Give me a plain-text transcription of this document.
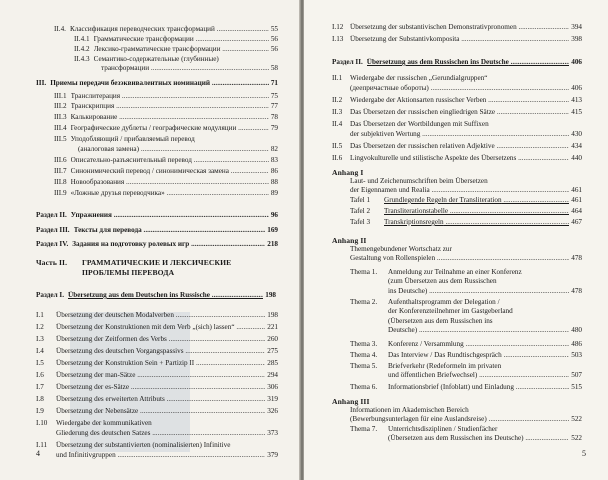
II.4. Классификация переводческих трансформаций .....	55
II.4.1 Грамматические трансформации .....	56
II.4.2 Лексико-грамматические трансформации .....	56
II.4.3 Семантико-содержательные (глубинные)
трансформации .....	58
III. Приемы передачи безэквивалентных номинаций .....	71
III.1 Транслитерация .....	75
III.2 Транскрипция .....	77
III.3 Калькирование .....	78
III.4 Географические дублеты / географические модуляции .....	79
III.5 Уподобляющий / прибавляемый перевод
(аналоговая замена) .....	82
III.6 Описательно-разъяснительный перевод .....	83
III.7 Синонимический перевод / синонимическая замена .....	86
III.8 Новообразования .....	88
III.9 «Ложные друзья переводчика» .....	89
Раздел II. Упражнения .....	96
Раздел III. Тексты для перевода .....	169
Раздел IV. Задания на подготовку ролевых игр .....	218
Часть II. ГРАММАТИЧЕСКИЕ И ЛЕКСИЧЕСКИЕ
ПРОБЛЕМЫ ПЕРЕВОДА
Раздел I. Übersetzung aus dem Deutschen ins Russische .....	198
I.1	Übersetzung der deutschen Modalverben .....	198
I.2	Übersetzung der Konstruktionen mit dem Verb „(sich) lassen“ .....	221
I.3	Übersetzung der Zeitformen des Verbs .....	260
I.4	Übersetzung des deutschen Vorgangspassivs .....	275
I.5	Übersetzung der Konstruktion Sein + Partizip II .....	285
I.6	Übersetzung der man-Sätze .....	294
I.7	Übersetzung der es-Sätze .....	306
I.8	Übersetzung des erweiterten Attributs .....	319
I.9	Übersetzung der Nebensätze .....	326
I.10	Wiedergabe der kommunikativen
Gliederung des deutschen Satzes .....	373
I.11	Übersetzung der substantivierten (nominalisierten) Infinitive
und Infinitivgruppen .....	379
4
I.12 Übersetzung der substantivischen Demonstrativpronomen .....	394
I.13 Übersetzung der Substantivkomposita .....	398
Раздел II. Übersetzung aus dem Russischen ins Deutsche .....	406
II.1	Wiedergabe der russischen „Gerundialgruppen“
(деепричастные обороты) .....	406
II.2	Wiedergabe der Aktionsarten russischer Verben .....	413
II.3	Das Übersetzen der russischen eingliedrigen Sätze .....	415
II.4	Das Übersetzen der Wortbildungen mit Suffixen
der subjektiven Wertung .....	430
II.5	Das Übersetzen der russischen relativen Adjektive .....	434
II.6	Lingvokulturelle und stilistische Aspekte des Übersetzens .....	440
Anhang I
Laut- und Zeichenumschriften beim Übersetzen
der Eigennamen und Realia .....	461
Tafel 1	Grundlegende Regeln der Transliteration .....	461
Tafel 2	Transliterationstabelle .....	464
Tafel 3	Transkriptionsregeln .....	467
Anhang II
Themengebundener Wortschatz zur
Gestaltung von Rollenspielen .....	478
Thema 1.	Anmeldung zur Teilnahme an einer Konferenz
(zum Übersetzen aus dem Russischen
ins Deutsche) .....	478
Thema 2.	Aufenthaltsprogramm der Delegation /
der Konferenzteilnehmer im Gastgeberland
(Übersetzen aus dem Russischen ins
Deutsche) .....	480
Thema 3.	Konferenz / Versammlung .....	486
Thema 4.	Das Interview / Das Rundtischgespräch .....	503
Thema 5.	Briefverkehr (Redeformeln im privaten
und öffentlichen Briefwechsel) .....	507
Thema 6.	Informationsbrief (Infoblatt) und Einladung .....	515
Anhang III
Informationen im Akademischen Bereich
(Bewerbungsunterlagen für eine Auslandsreise) .....	522
Thema 7.	Unterrichtsdisziplinen / Studienfächer
(Übersetzen aus dem Russischen ins Deutsche) .....	522
5
